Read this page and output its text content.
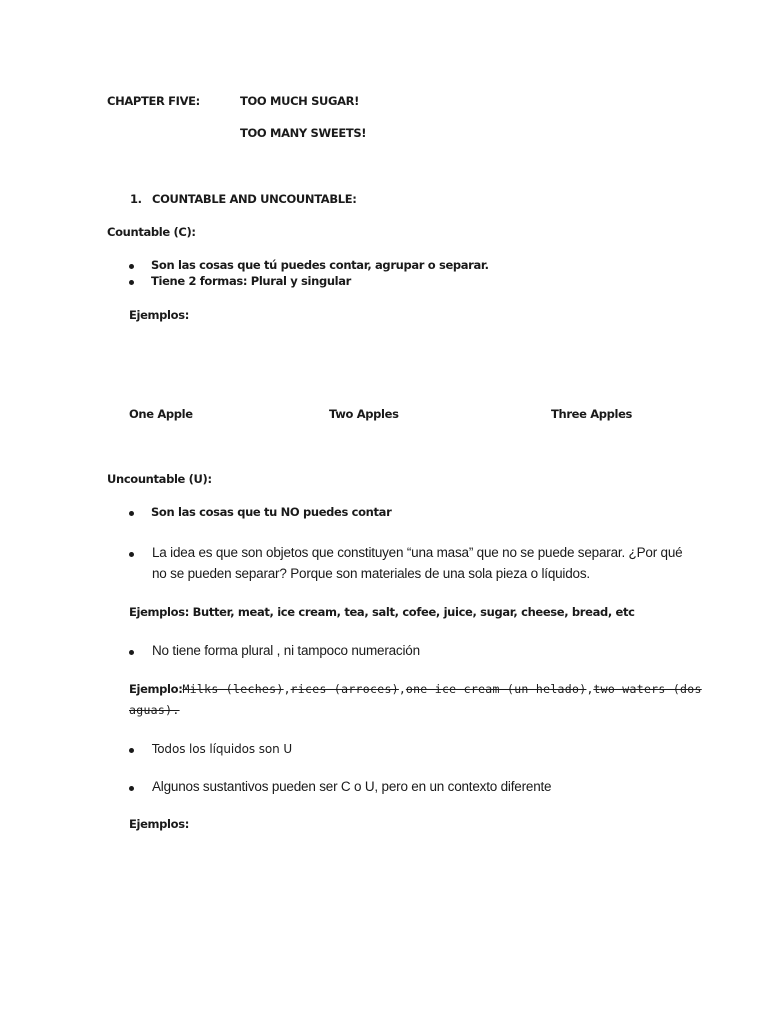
CHAPTER FIVE:	TOO MUCH SUGAR!
TOO MANY SWEETS!
1. COUNTABLE AND UNCOUNTABLE:
Countable (C):
Son las cosas que tú puedes contar, agrupar o separar.
Tiene 2 formas: Plural y singular
Ejemplos:
One Apple	Two Apples	Three Apples
Uncountable (U):
Son las cosas que tu NO puedes contar
La idea es que son objetos que constituyen “una masa” que no se puede separar. ¿Por qué
no se pueden separar? Porque son materiales de una sola pieza o líquidos.
Ejemplos: Butter, meat, ice cream, tea, salt, cofee, juice, sugar, cheese, bread, etc
No tiene forma plural , ni tampoco numeración
Ejemplo: Milks (leches), rices (arroces), one ice cream (un helado), two waters (dos
aguas).
Todos los líquidos son U
Algunos sustantivos pueden ser C o U, pero en un contexto diferente
Ejemplos:
